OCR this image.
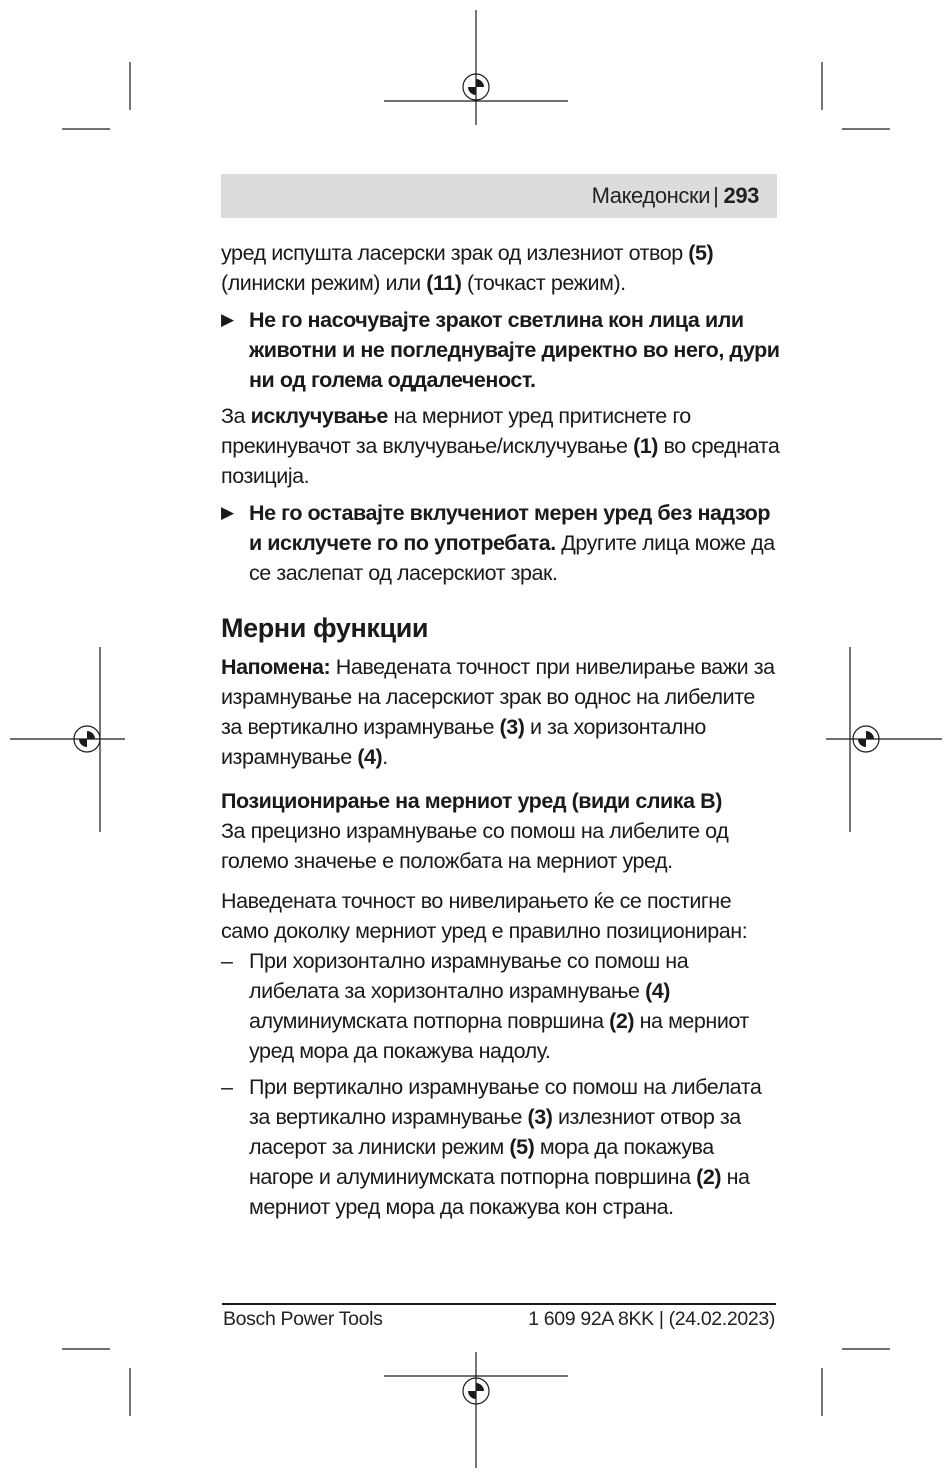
Македонски | 293

уред испушта ласерски зрак од излезниот отвор (5) (линиски режим) или (11) (точкаст режим).

▶ Не го насочувајте зракот светлина кон лица или животни и не погледнувајте директно во него, дури ни од голема оддалеченост.

За исклучување на мерниот уред притиснете го прекинувачот за вклучување/исклучување (1) во средната позиција.

▶ Не го оставајте вклучениот мерен уред без надзор и исклучете го по употребата. Другите лица може да се заслепат од ласерскиот зрак.

Мерни функции

Напомена: Наведената точност при нивелирање важи за израмнување на ласерскиот зрак во однос на либелите за вертикално израмнување (3) и за хоризонтално израмнување (4).

Позиционирање на мерниот уред (види слика B)

За прецизно израмнување со помош на либелите од големо значење е положбата на мерниот уред.

Наведената точност во нивелирањето ќе се постигне само доколку мерниот уред е правилно позициониран:

– При хоризонтално израмнување со помош на либелата за хоризонтално израмнување (4) алуминиумската потпорна површина (2) на мерниот уред мора да покажува надолу.
– При вертикално израмнување со помош на либелата за вертикално израмнување (3) излезниот отвор за ласерот за линиски режим (5) мора да покажува нагоре и алуминиумската потпорна површина (2) на мерниот уред мора да покажува кон страна.
Bosch Power Tools	1 609 92A 8KK | (24.02.2023)
